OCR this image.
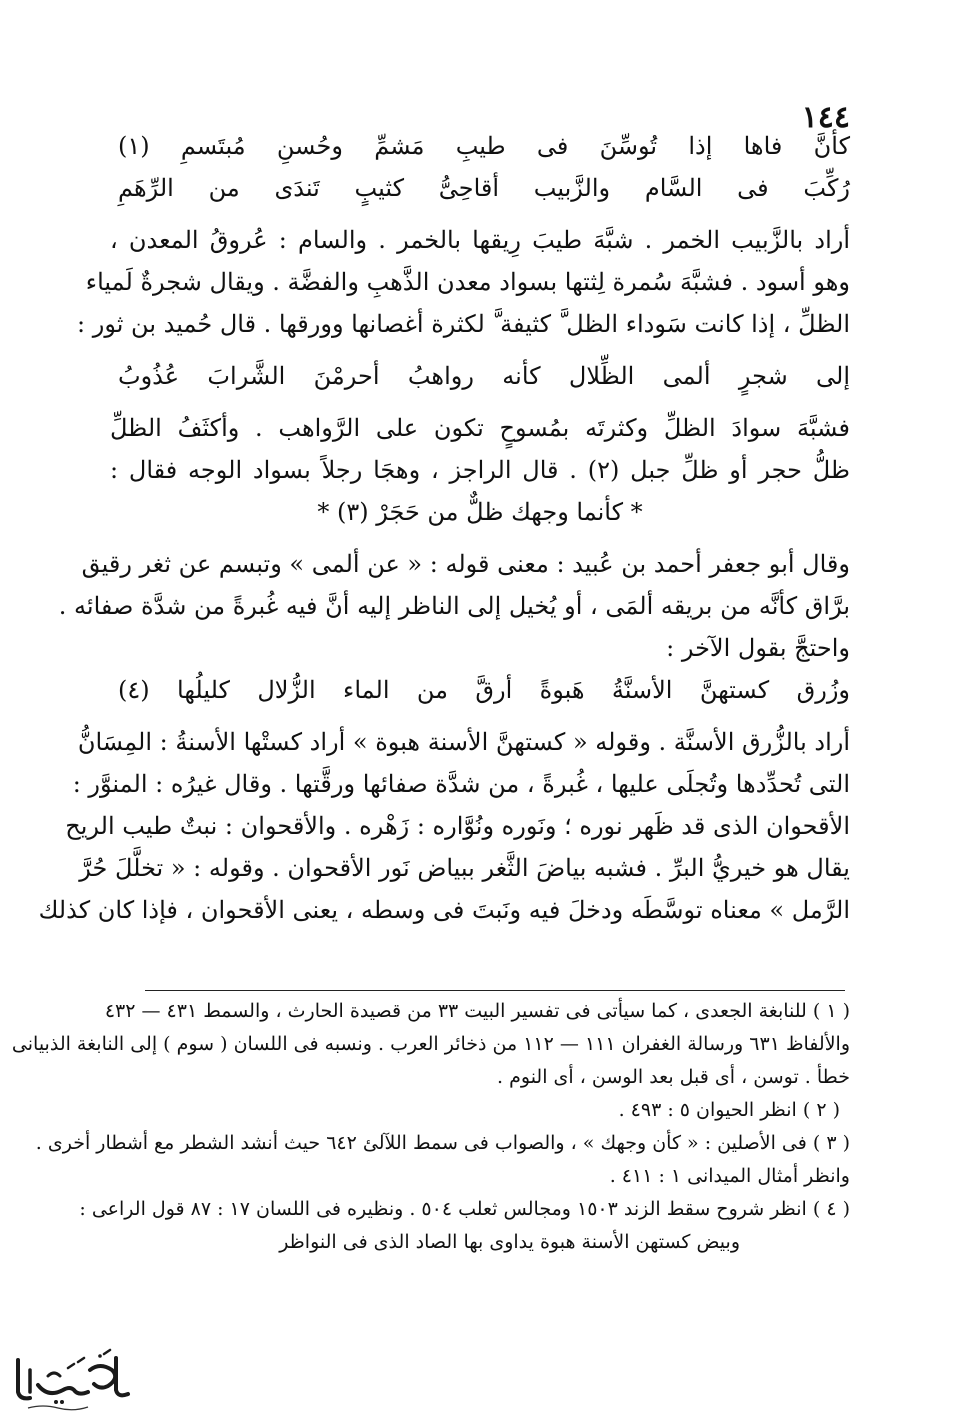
١٤٤
كأنَّ فاها إذا تُوسِّنَ فى طيبِ مَشمِّ وحُسنِ مُبتَسمِ (١)
رُكِّبَ فى السَّام والزَّبيب أقاحِىُّ كثيبٍ تَندَى من الرِّهَمِ
أراد بالزَّبيب الخمر . شبَّهَ طيبَ رِيقها بالخمر . والسام : عُروقُ المعدن ،
وهو أسود . فشبَّهَ سُمرة لِثتها بسواد معدن الذَّهبِ والفضَّة . ويقال شجرةٌ لَمياء
الظلِّ ، إذا كانت سَوداء الظل َّ كثيفة َّ لكثرة أغصانها وورقها . قال حُميد بن ثور :
إلى شجرٍ ألمى الظِّلال كأنه رواهبُ أحرمْنَ الشَّرابَ عُذُوبُ
فشبَّهَ سوادَ الظلِّ وكثرتَه بمُسوحٍ تكون على الرَّواهب . وأكثَفُ الظلِّ
ظلُّ حجر أو ظلِّ جبل (٢) . قال الراجز ، وهجَا رجلاً بسواد الوجه فقال :
* كأنما وجهك ظلٌّ من حَجَرْ (٣) *
وقال أبو جعفر أحمد بن عُبيد : معنى قوله : « عن ألمى » وتبسم عن ثغر رقيق
برَّاق كأنَّه من بريقه ألمَى ، أو يُخيل إلى الناظر إليه أنَّ فيه غُبرةً من شدَّة صفائه .
واحتجَّ بقول الآخر :
وزُرق كستهنَّ الأسنَّةُ هَبوةً أرقَّ من الماء الزُّلال كليلُها (٤)
أراد بالزُّرق الأسنَّة . وقوله « كستهنَّ الأسنة هبوة » أراد كستْها الأسنةُ : المِسَانُّ
التى تُحدِّدها وتُجلَى عليها ، غُبرةً ، من شدَّة صفائها ورقَّتها . وقال غيرُه : المنوَّر :
الأقحوان الذى قد ظَهر نوره ؛ ونَوره ونُوَّاره : زَهْره . والأقحوان : نبتٌ طيب الريح
يقال هو خيريُّ البرِّ . فشبه بياضَ الثَّغر ببياض نَور الأقحوان . وقوله : « تخلَّلَ حُرَّ
الرَّمل » معناه توسَّطَه ودخلَ فيه ونَبتَ فى وسطه ، يعنى الأقحوان ، فإذا كان كذلك
( ١ ) للنابغة الجعدى ، كما سيأتى فى تفسير البيت ٣٣ من قصيدة الحارث ، والسمط ٤٣١ — ٤٣٢
والألفاظ ٦٣١ ورسالة الغفران ١١١ — ١١٢ من ذخائر العرب . ونسبه فى اللسان ( سوم ) إلى النابغة الذبيانى
خطأ . توسن ، أى قبل بعد الوسن ، أى النوم .
( ٢ ) انظر الحيوان ٥ : ٤٩٣ .
( ٣ ) فى الأصلين : « كأن وجهك » ، والصواب فى سمط اللآلئ ٦٤٢ حيث أنشد الشطر مع أشطار أخرى .
وانظر أمثال الميدانى ١ : ٤١١ .
( ٤ ) انظر شروح سقط الزند ١٥٠٣ ومجالس ثعلب ٥٠٤ . ونظيره فى اللسان ١٧ : ٨٧ قول الراعى :
وبيض كستهن الأسنة هبوة يداوى بها الصاد الذى فى النواظر
